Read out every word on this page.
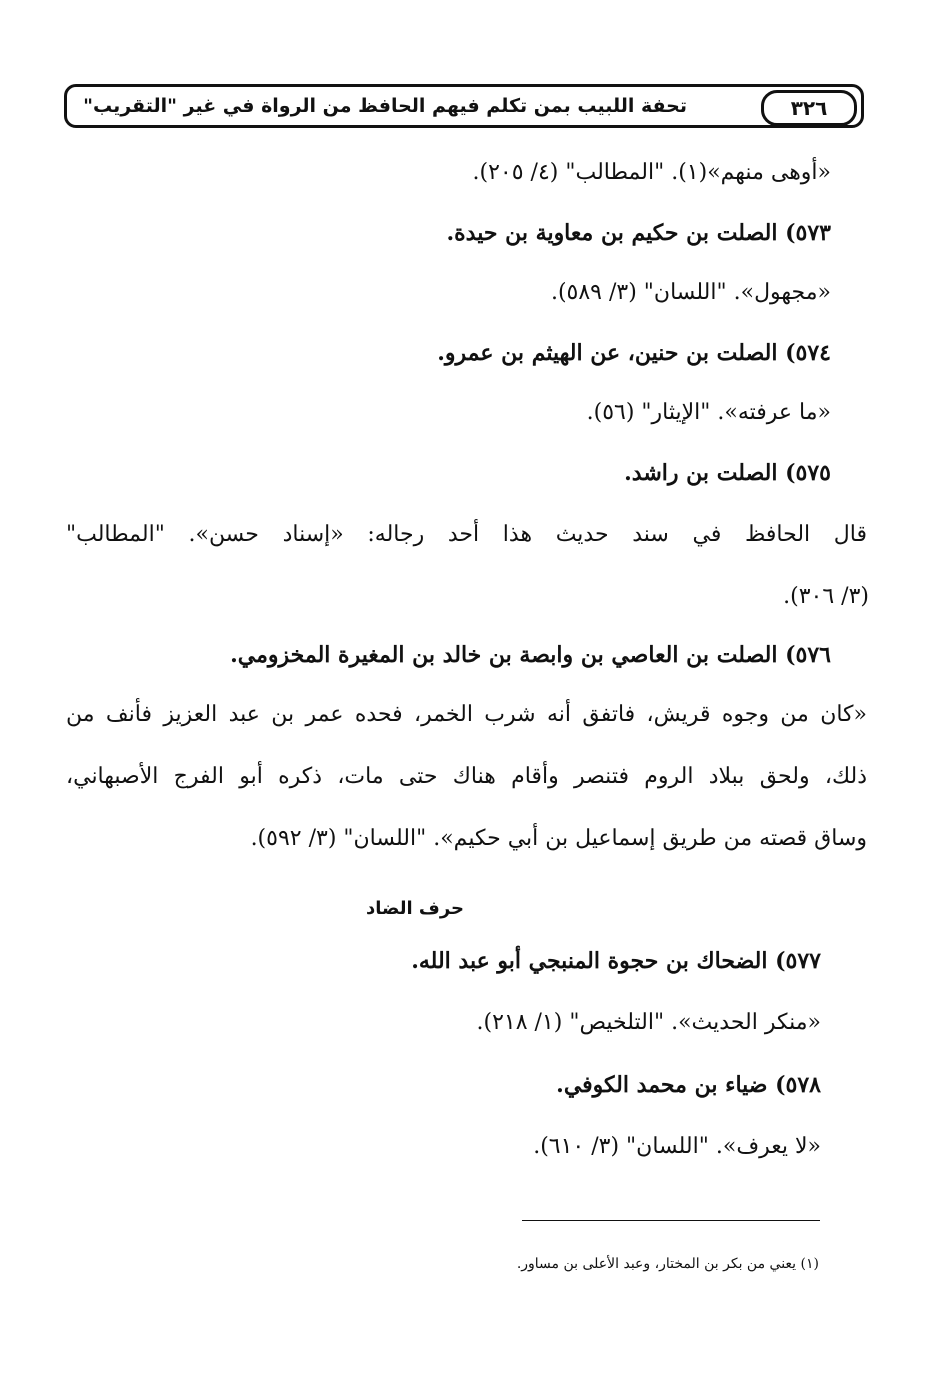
تحفة اللبيب بمن تكلم فيهم الحافظ من الرواة في غير "التقريب"	٣٢٦
«أوهى منهم»(١). "المطالب" (٤/ ٢٠٥).
٥٧٣) الصلت بن حكيم بن معاوية بن حيدة.
«مجهول». "اللسان" (٣/ ٥٨٩).
٥٧٤) الصلت بن حنين، عن الهيثم بن عمرو.
«ما عرفته». "الإيثار" (٥٦).
٥٧٥) الصلت بن راشد.
قال الحافظ في سند حديث هذا أحد رجاله: «إسناد حسن». "المطالب"
(٣/ ٣٠٦).
٥٧٦) الصلت بن العاصي بن وابصة بن خالد بن المغيرة المخزومي.
«كان من وجوه قريش، فاتفق أنه شرب الخمر، فحده عمر بن عبد العزيز فأنف من
ذلك، ولحق ببلاد الروم فتنصر وأقام هناك حتى مات، ذكره أبو الفرج الأصبهاني،
وساق قصته من طريق إسماعيل بن أبي حكيم». "اللسان" (٣/ ٥٩٢).
حرف الضاد
٥٧٧) الضحاك بن حجوة المنبجي أبو عبد الله.
«منكر الحديث». "التلخيص" (١/ ٢١٨).
٥٧٨) ضياء بن محمد الكوفي.
«لا يعرف». "اللسان" (٣/ ٦١٠).
(١) يعني من بكر بن المختار، وعبد الأعلى بن مساور.
